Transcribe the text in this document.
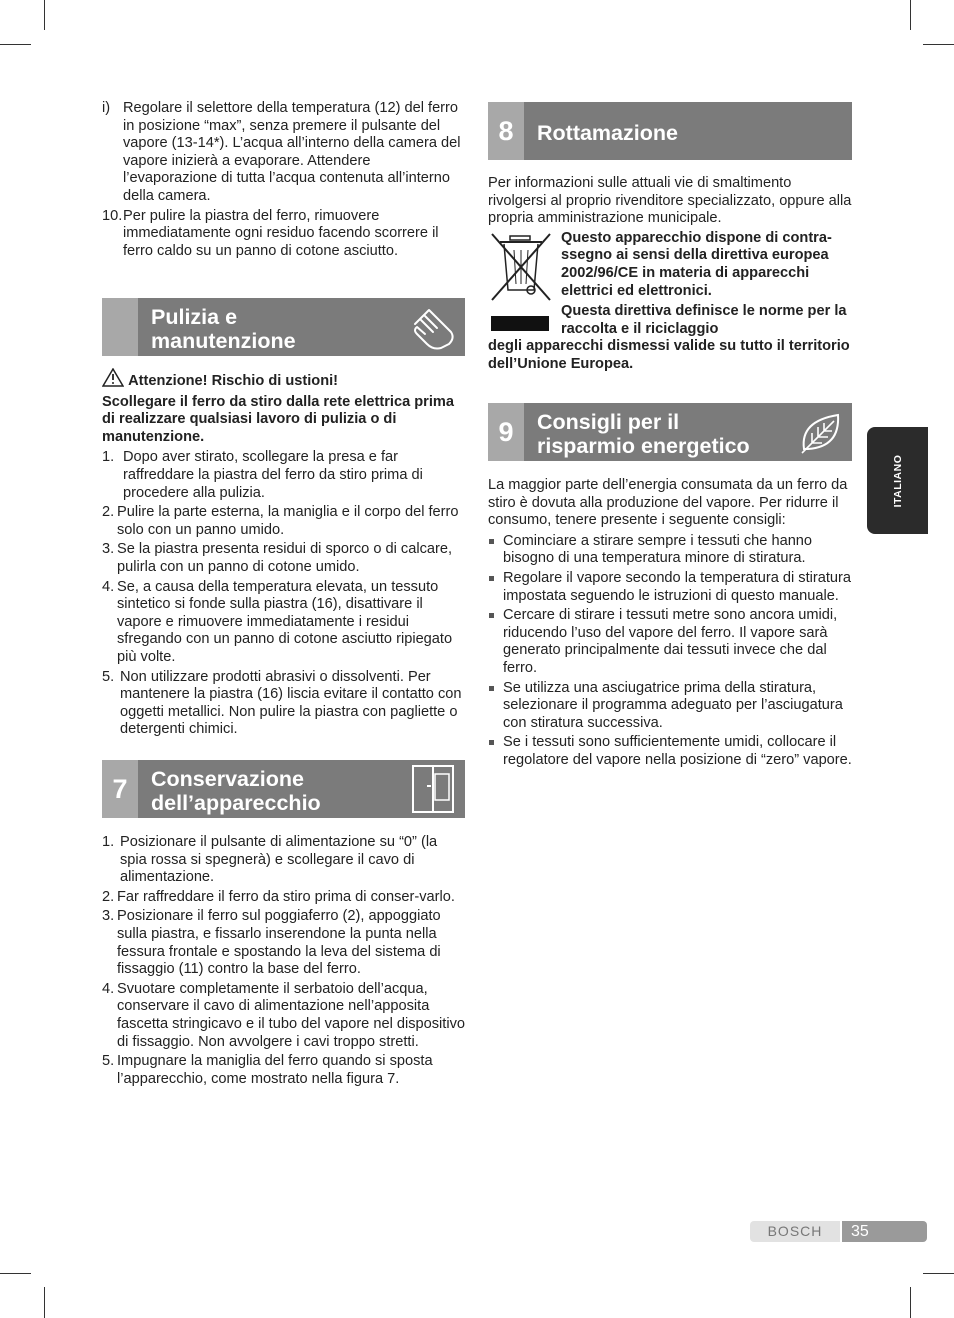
i) Regolare il selettore della temperatura (12) del ferro in posizione “max”, senza premere il pulsante del vapore (13-14*). L’acqua all’interno della camera del vapore inizierà a evaporare. Attendere l’evaporazione di tutta l’acqua contenuta all’interno della camera.
10. Per pulire la piastra del ferro, rimuovere immediatamente ogni residuo facendo scorrere il ferro caldo su un panno di cotone asciutto.
Pulizia e
manutenzione
Attenzione! Rischio di ustioni!

Scollegare il ferro da stiro dalla rete elettrica prima di realizzare qualsiasi lavoro di pulizia o di manutenzione.

1. Dopo aver stirato, scollegare la presa e far raffreddare la piastra del ferro da stiro prima di procedere alla pulizia.
2. Pulire la parte esterna, la maniglia e il corpo del ferro solo con un panno umido.
3. Se la piastra presenta residui di sporco o di calcare, pulirla con un panno di cotone umido.
4. Se, a causa della temperatura elevata, un tessuto sintetico si fonde sulla piastra (16), disattivare il vapore e rimuovere immediatamente i residui sfregando con un panno di cotone asciutto ripiegato più volte.
5. Non utilizzare prodotti abrasivi o dissolventi. Per mantenere la piastra (16) liscia evitare il contatto con oggetti metallici. Non pulire la piastra con pagliette o detergenti chimici.
7	Conservazione
dell’apparecchio
1. Posizionare il pulsante di alimentazione su “0” (la spia rossa si spegnerà) e scollegare il cavo di alimentazione.
2. Far raffreddare il ferro da stiro prima di conser-varlo.
3. Posizionare il ferro sul poggiaferro (2), appoggiato sulla piastra, e fissarlo inserendone la punta nella fessura frontale e spostando la leva del sistema di fissaggio (11) contro la base del ferro.
4. Svuotare completamente il serbatoio dell’acqua, conservare il cavo di alimentazione nell’apposita fascetta stringicavo e il tubo del vapore nel dispositivo di fissaggio. Non avvolgere i cavi troppo stretti.
5. Impugnare la maniglia del ferro quando si sposta l’apparecchio, come mostrato nella figura 7.
8	Rottamazione

Per informazioni sulle attuali vie di smaltimento rivolgersi al proprio rivenditore specializzato, oppure alla propria amministrazione municipale.

Questo apparecchio dispone di contra-ssegno ai sensi della direttiva europea 2002/96/CE in materia di apparecchi elettrici ed elettronici.

Questa direttiva definisce le norme per la raccolta e il riciclaggio

degli apparecchi dismessi valide su tutto il territorio dell’Unione Europea.

9	Consigli per il
risparmio energetico

La maggior parte dell’energia consumata da un ferro da stiro è dovuta alla produzione del vapore. Per ridurre il consumo, tenere presente i seguente consigli:

Cominciare a stirare sempre i tessuti che hanno bisogno di una temperatura minore di stiratura.
Regolare il vapore secondo la temperatura di stiratura impostata seguendo le istruzioni di questo manuale.
Cercare di stirare i tessuti metre sono ancora umidi, riducendo l’uso del vapore del ferro. Il vapore sarà generato principalmente dai tessuti invece che dal ferro.
Se utilizza una asciugatrice prima della stiratura, selezionare il programma adeguato per l’asciugatura con stiratura successiva.
Se i tessuti sono sufficientemente umidi, collocare il regolatore del vapore nella posizione di “zero” vapore.
ITALIANO
BOSCH	35
